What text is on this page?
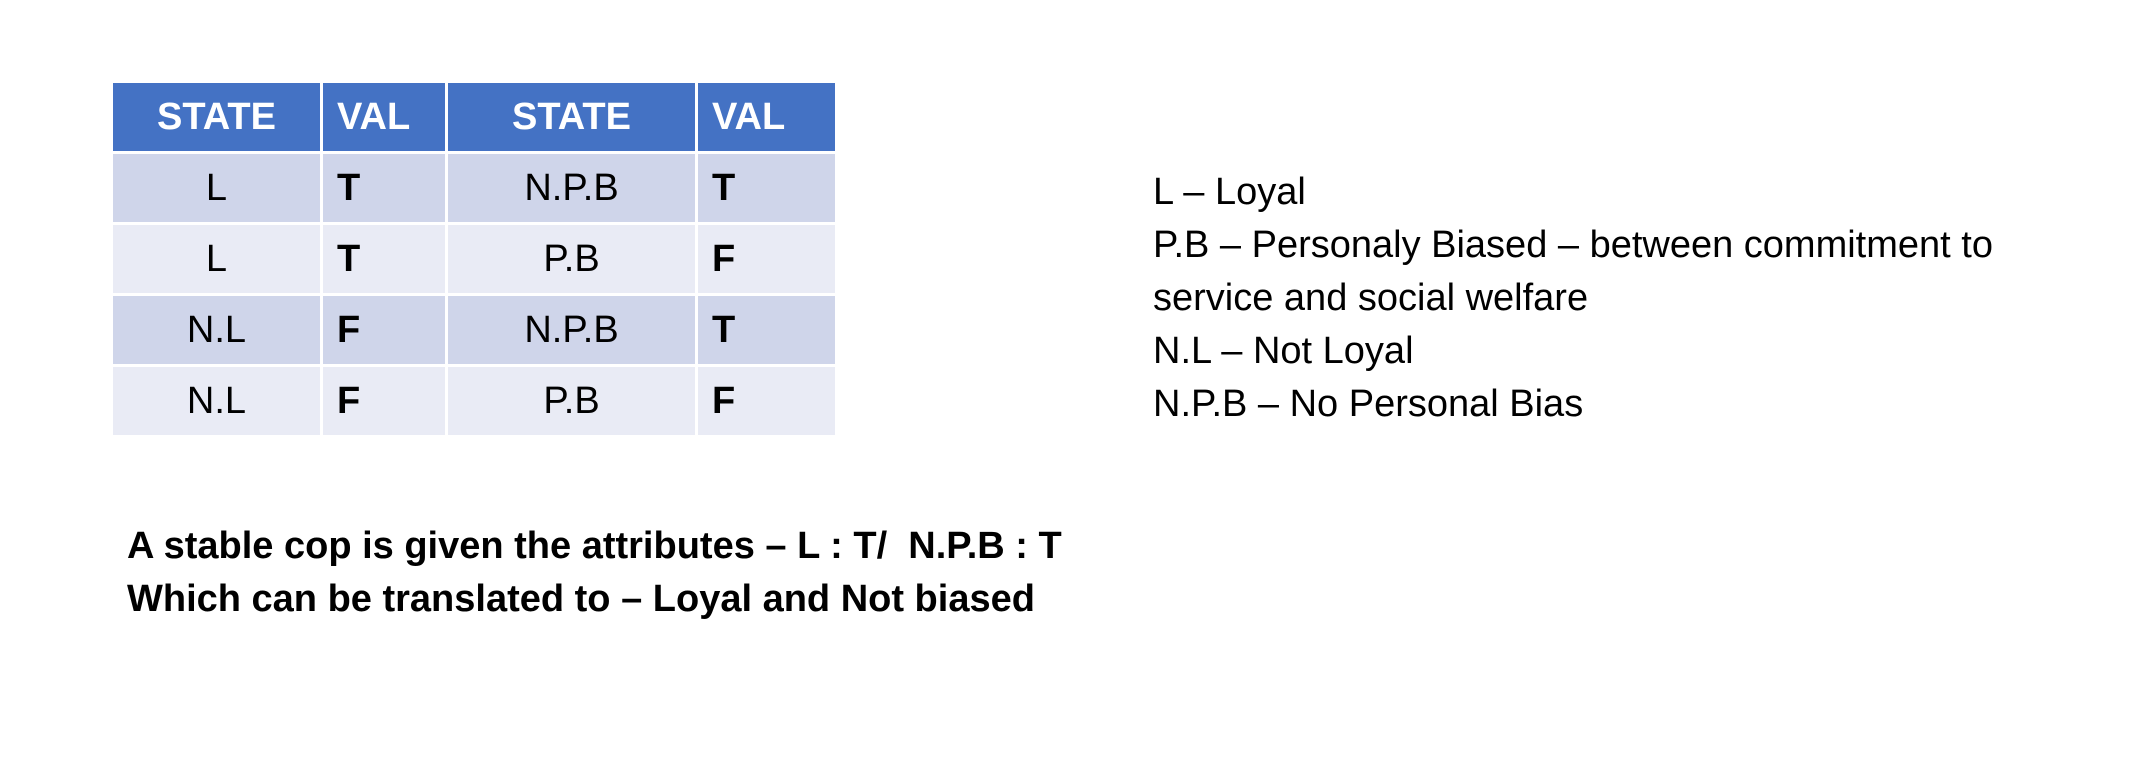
STATE	VAL	STATE	VAL
L	T	N.P.B	T
L	T	P.B	F
N.L	F	N.P.B	T
N.L	F	P.B	F
L – Loyal
P.B – Personaly Biased – between commitment to
service and social welfare
N.L – Not Loyal
N.P.B – No Personal Bias
A stable cop is given the attributes – L : T/  N.P.B : T
Which can be translated to – Loyal and Not biased
